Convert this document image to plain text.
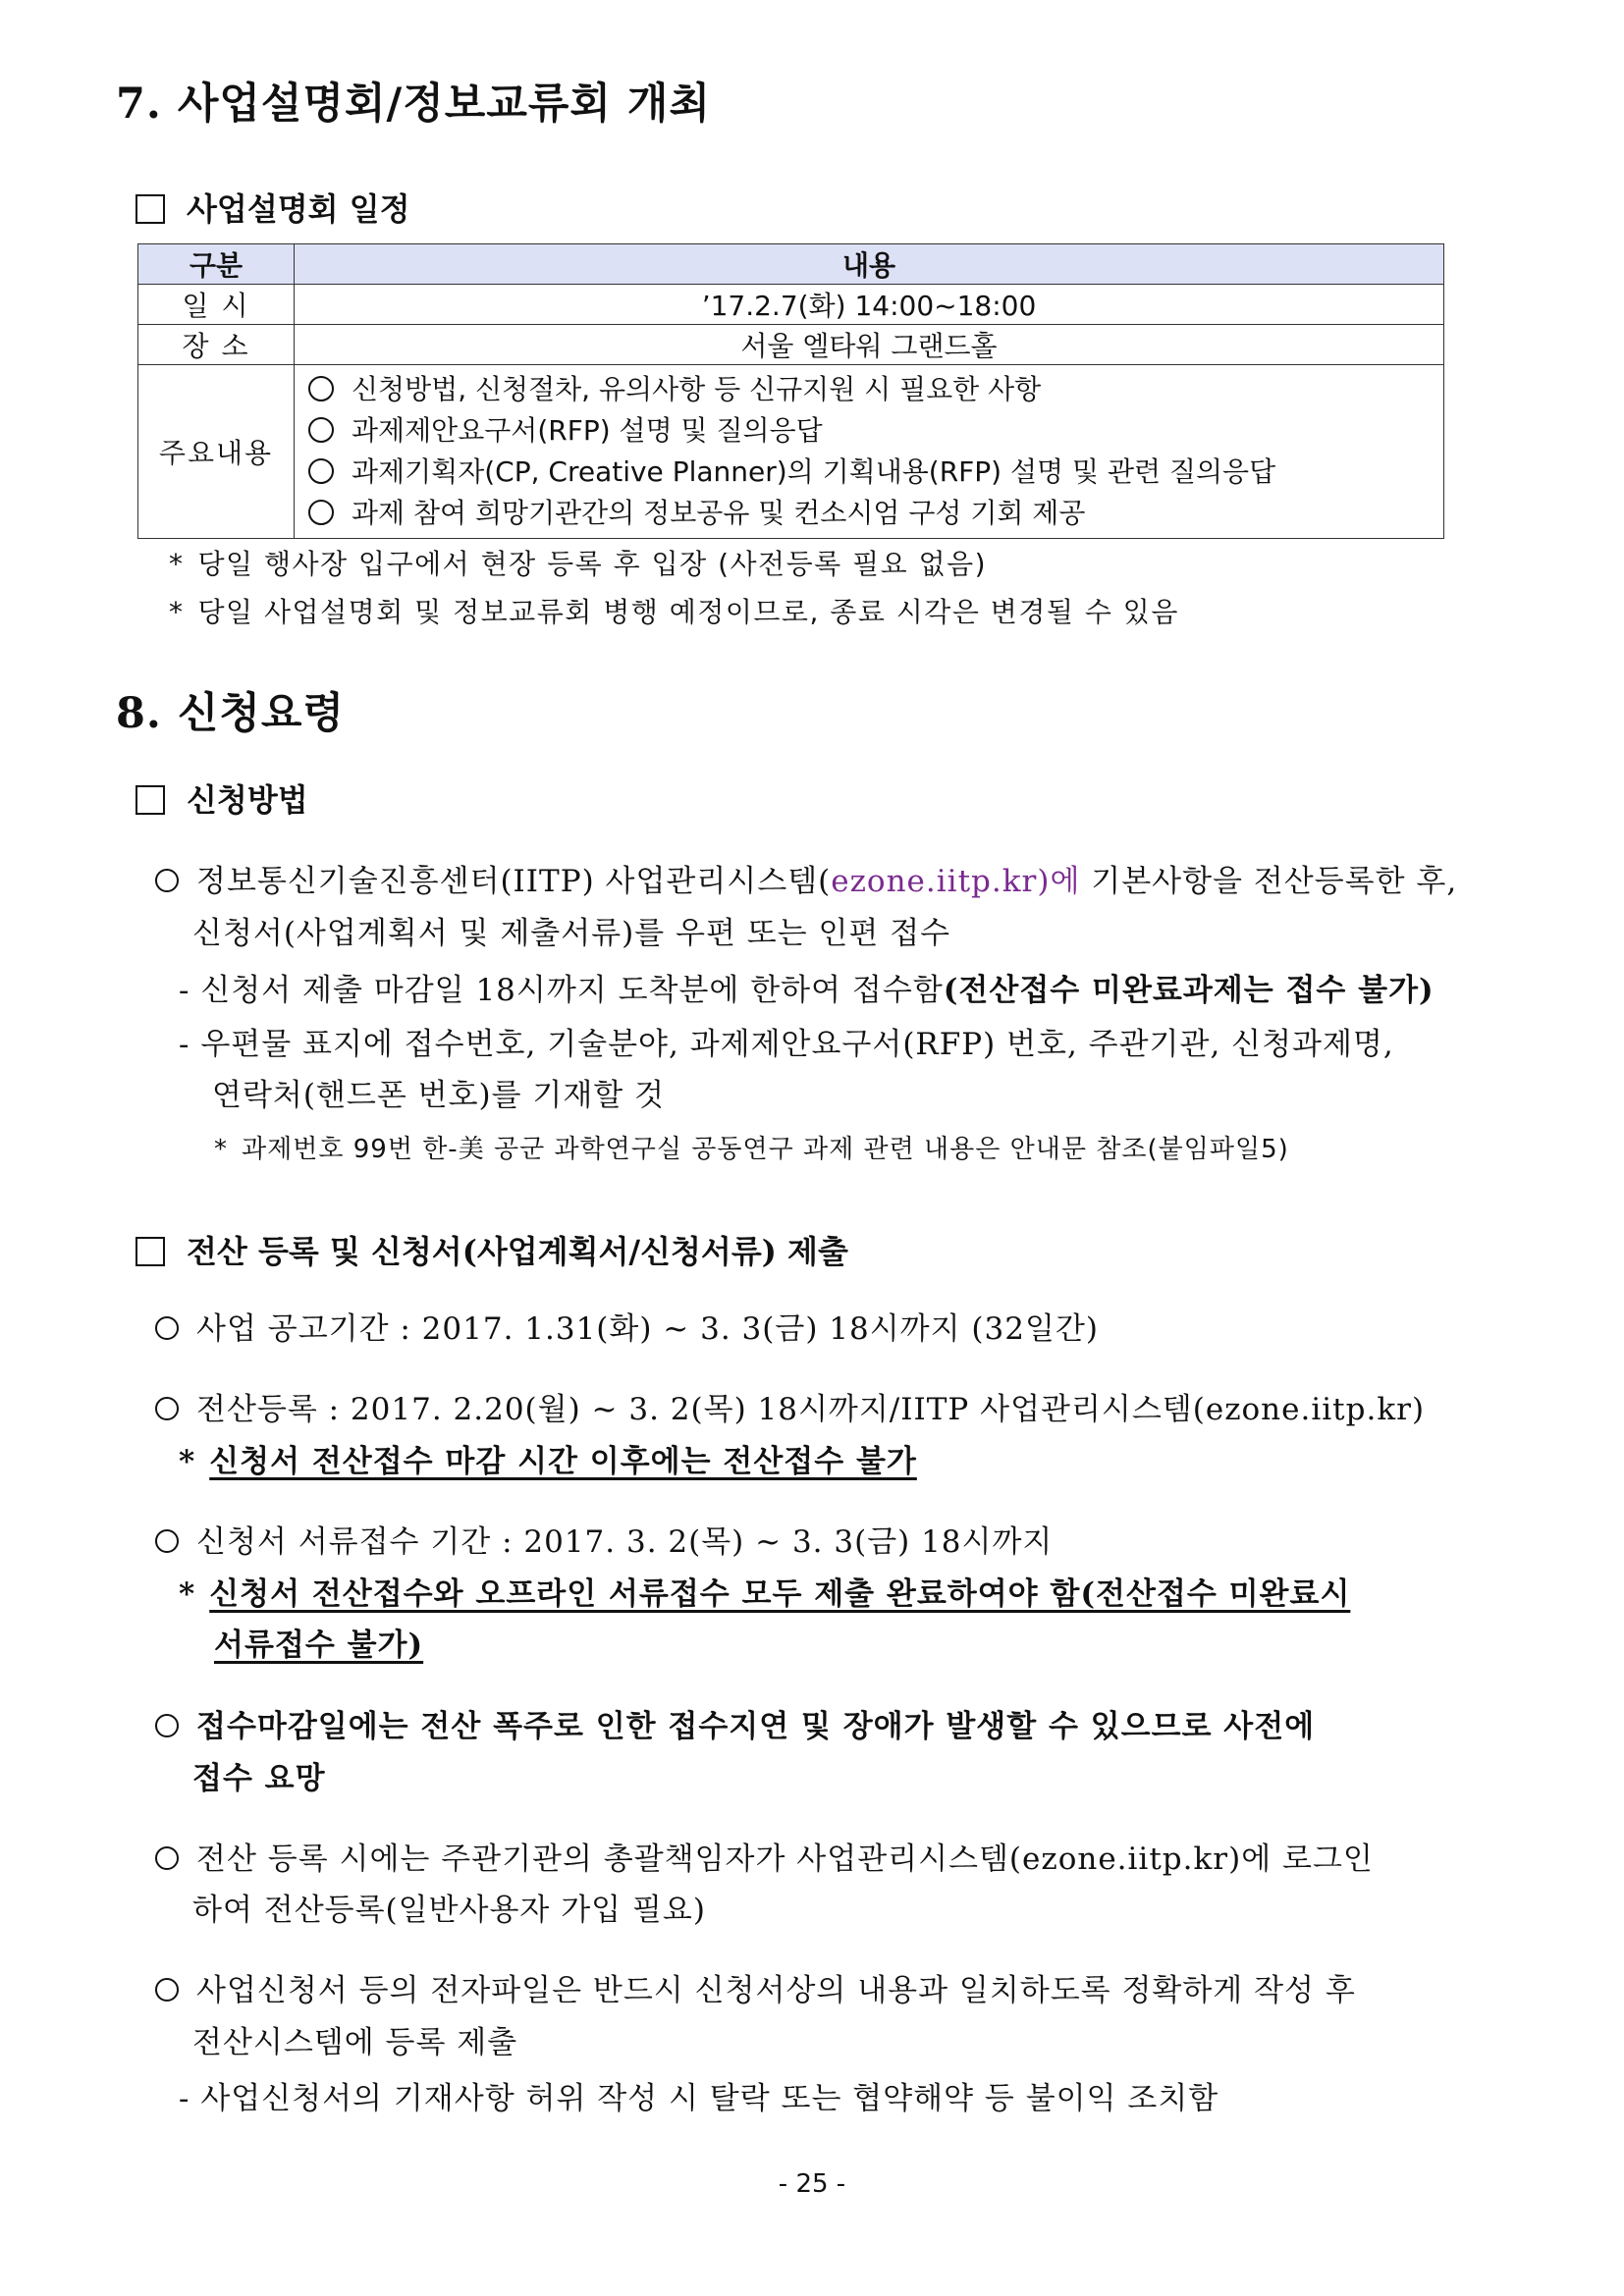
7. 사업설명회/정보교류회 개최
사업설명회 일정
구분	내용
일 시	’17.2.7(화) 14:00~18:00
장 소	서울 엘타워 그랜드홀
주요내용	신청방법, 신청절차, 유의사항 등 신규지원 시 필요한 사항
과제제안요구서(RFP) 설명 및 질의응답
과제기획자(CP, Creative Planner)의 기획내용(RFP) 설명 및 관련 질의응답
과제 참여 희망기관간의 정보공유 및 컨소시엄 구성 기회 제공
* 당일 행사장 입구에서 현장 등록 후 입장 (사전등록 필요 없음)
* 당일 사업설명회 및 정보교류회 병행 예정이므로, 종료 시각은 변경될 수 있음
8. 신청요령
신청방법
정보통신기술진흥센터(IITP) 사업관리시스템(ezone.iitp.kr)에 기본사항을 전산등록한 후,
신청서(사업계획서 및 제출서류)를 우편 또는 인편 접수
- 신청서 제출 마감일 18시까지 도착분에 한하여 접수함(전산접수 미완료과제는 접수 불가)
- 우편물 표지에 접수번호, 기술분야, 과제제안요구서(RFP) 번호, 주관기관, 신청과제명,
연락처(핸드폰 번호)를 기재할 것
* 과제번호 99번 한-美 공군 과학연구실 공동연구 과제 관련 내용은 안내문 참조(붙임파일5)
전산 등록 및 신청서(사업계획서/신청서류) 제출
사업 공고기간 : 2017. 1.31(화) ~ 3. 3(금) 18시까지 (32일간)
전산등록 : 2017. 2.20(월) ~ 3. 2(목) 18시까지/IITP 사업관리시스템(ezone.iitp.kr)
* 신청서 전산접수 마감 시간 이후에는 전산접수 불가
신청서 서류접수 기간 : 2017. 3. 2(목) ~ 3. 3(금) 18시까지
* 신청서 전산접수와 오프라인 서류접수 모두 제출 완료하여야 함(전산접수 미완료시
서류접수 불가)
접수마감일에는 전산 폭주로 인한 접수지연 및 장애가 발생할 수 있으므로 사전에
접수 요망
전산 등록 시에는 주관기관의 총괄책임자가 사업관리시스템(ezone.iitp.kr)에 로그인
하여 전산등록(일반사용자 가입 필요)
사업신청서 등의 전자파일은 반드시 신청서상의 내용과 일치하도록 정확하게 작성 후
전산시스템에 등록 제출
- 사업신청서의 기재사항 허위 작성 시 탈락 또는 협약해약 등 불이익 조치함
- 25 -
